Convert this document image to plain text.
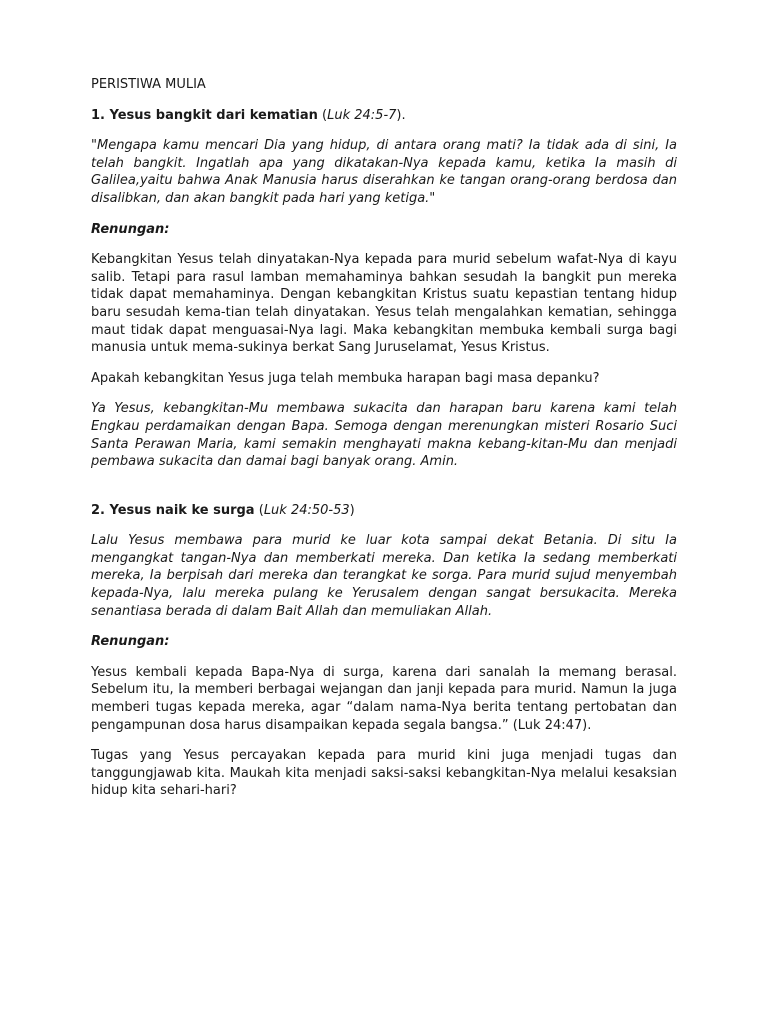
PERISTIWA MULIA
1. Yesus bangkit dari kematian (Luk 24:5-7).

"Mengapa kamu mencari Dia yang hidup, di antara orang mati? Ia tidak ada di sini, Ia telah bangkit. Ingatlah apa yang dikatakan-Nya kepada kamu, ketika Ia masih di Galilea,yaitu bahwa Anak Manusia harus diserahkan ke tangan orang-orang berdosa dan disalibkan, dan akan bangkit pada hari yang ketiga."

Renungan:

Kebangkitan Yesus telah dinyatakan-Nya kepada para murid sebelum wafat-Nya di kayu salib. Tetapi para rasul lamban memahaminya bahkan sesudah Ia bangkit pun mereka tidak dapat memahaminya. Dengan kebangkitan Kristus suatu kepastian tentang hidup baru sesudah kema-tian telah dinyatakan. Yesus telah mengalahkan kematian, sehingga maut tidak dapat menguasai-Nya lagi. Maka kebangkitan membuka kembali surga bagi manusia untuk mema-sukinya berkat Sang Juruselamat, Yesus Kristus.

Apakah kebangkitan Yesus juga telah membuka harapan bagi masa depanku?

Ya Yesus, kebangkitan-Mu membawa sukacita dan harapan baru karena kami telah Engkau perdamaikan dengan Bapa. Semoga dengan merenungkan misteri Rosario Suci Santa Perawan Maria, kami semakin menghayati makna kebang-kitan-Mu dan menjadi pembawa sukacita dan damai bagi banyak orang. Amin.

2. Yesus naik ke surga (Luk 24:50-53)

Lalu Yesus membawa para murid ke luar kota sampai dekat Betania. Di situ Ia mengangkat tangan-Nya dan memberkati mereka. Dan ketika Ia sedang memberkati mereka, Ia berpisah dari mereka dan terangkat ke sorga. Para murid sujud menyembah kepada-Nya, lalu mereka pulang ke Yerusalem dengan sangat bersukacita. Mereka senantiasa berada di dalam Bait Allah dan memuliakan Allah.

Renungan:

Yesus kembali kepada Bapa-Nya di surga, karena dari sanalah Ia memang berasal. Sebelum itu, Ia memberi berbagai wejangan dan janji kepada para murid. Namun Ia juga memberi tugas kepada mereka, agar “dalam nama-Nya berita tentang pertobatan dan pengampunan dosa harus disampaikan kepada segala bangsa.” (Luk 24:47).

Tugas yang Yesus percayakan kepada para murid kini juga menjadi tugas dan tanggungjawab kita. Maukah kita menjadi saksi-saksi kebangkitan-Nya melalui kesaksian hidup kita sehari-hari?
